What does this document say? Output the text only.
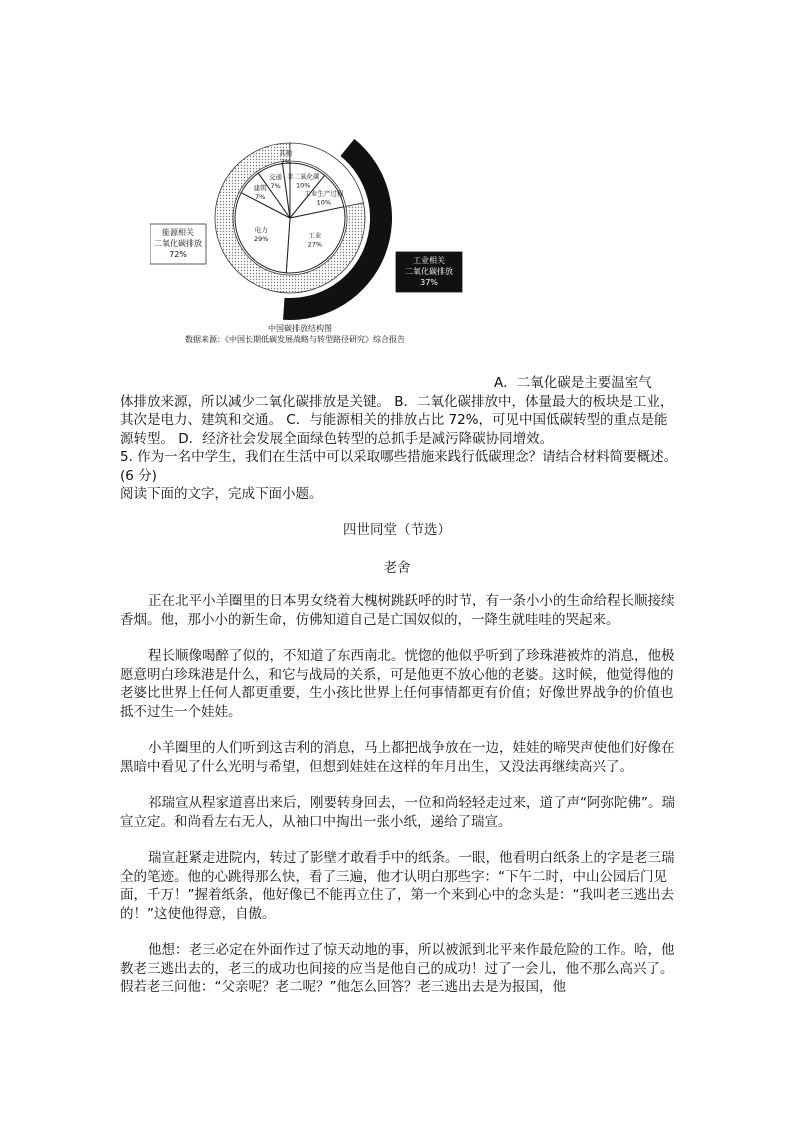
非二氧化碳
10%
工业生产过程
10%
工业
27%
电力
29%
建筑
7%
交通
7%
其他
2%
能源相关
二氧化碳排放
72%
工业相关
二氧化碳排放
37%
中国碳排放结构图
数据来源：《中国长期低碳发展战略与转型路径研究》综合报告
A．二氧化碳是主要温室气

体排放来源，所以减少二氧化碳排放是关键。 B．二氧化碳排放中，体量最大的板块是工业，其次是电力、建筑和交通。 C．与能源相关的排放占比 72%，可见中国低碳转型的重点是能源转型。 D．经济社会发展全面绿色转型的总抓手是减污降碳协同增效。

5. 作为一名中学生，我们在生活中可以采取哪些措施来践行低碳理念？请结合材料简要概述。(6 分)

阅读下面的文字，完成下面小题。

四世同堂（节选）
老舍

正在北平小羊圈里的日本男女绕着大槐树跳跃呼的时节，有一条小小的生命给程长顺接续香烟。他，那小小的新生命，仿佛知道自己是亡国奴似的，一降生就哇哇的哭起来。

程长顺像喝醉了似的，不知道了东西南北。恍惚的他似乎听到了珍珠港被炸的消息，他极愿意明白珍珠港是什么，和它与战局的关系，可是他更不放心他的老婆。这时候，他觉得他的老婆比世界上任何人都更重要，生小孩比世界上任何事情都更有价值；好像世界战争的价值也抵不过生一个娃娃。

小羊圈里的人们听到这吉利的消息，马上都把战争放在一边，娃娃的啼哭声使他们好像在黑暗中看见了什么光明与希望，但想到娃娃在这样的年月出生，又没法再继续高兴了。

祁瑞宣从程家道喜出来后，刚要转身回去，一位和尚轻轻走过来，道了声“阿弥陀佛”。瑞宣立定。和尚看左右无人，从袖口中掏出一张小纸，递给了瑞宣。

瑞宣赶紧走进院内，转过了影壁才敢看手中的纸条。一眼，他看明白纸条上的字是老三瑞全的笔迹。他的心跳得那么快，看了三遍，他才认明白那些字：“下午二时，中山公园后门见面，千万！”握着纸条，他好像已不能再立住了，第一个来到心中的念头是：“我叫老三逃出去的！”这使他得意，自傲。

他想：老三必定在外面作过了惊天动地的事，所以被派到北平来作最危险的工作。哈，他教老三逃出去的，老三的成功也间接的应当是他自己的成功！过了一会儿，他不那么高兴了。假若老三问他：“父亲呢？老二呢？”他怎么回答？老三逃出去是为报国，他
